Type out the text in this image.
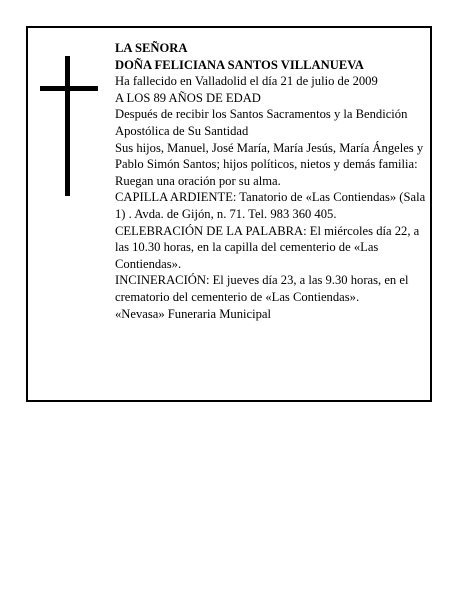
LA SEÑORA
DOÑA FELICIANA SANTOS VILLANUEVA
Ha fallecido en Valladolid el día 21 de julio de 2009
A LOS 89 AÑOS DE EDAD
Después de recibir los Santos Sacramentos y la Bendición Apostólica de Su Santidad
Sus hijos, Manuel, José María, María Jesús, María Ángeles y Pablo Simón Santos; hijos políticos, nietos y demás familia:
Ruegan una oración por su alma.
CAPILLA ARDIENTE: Tanatorio de «Las Contiendas» (Sala 1) . Avda. de Gijón, n. 71. Tel. 983 360 405.
CELEBRACIÓN DE LA PALABRA: El miércoles día 22, a las 10.30 horas, en la capilla del cementerio de «Las Contiendas».
INCINERACIÓN: El jueves día 23, a las 9.30 horas, en el crematorio del cementerio de «Las Contiendas».
«Nevasa» Funeraria Municipal
